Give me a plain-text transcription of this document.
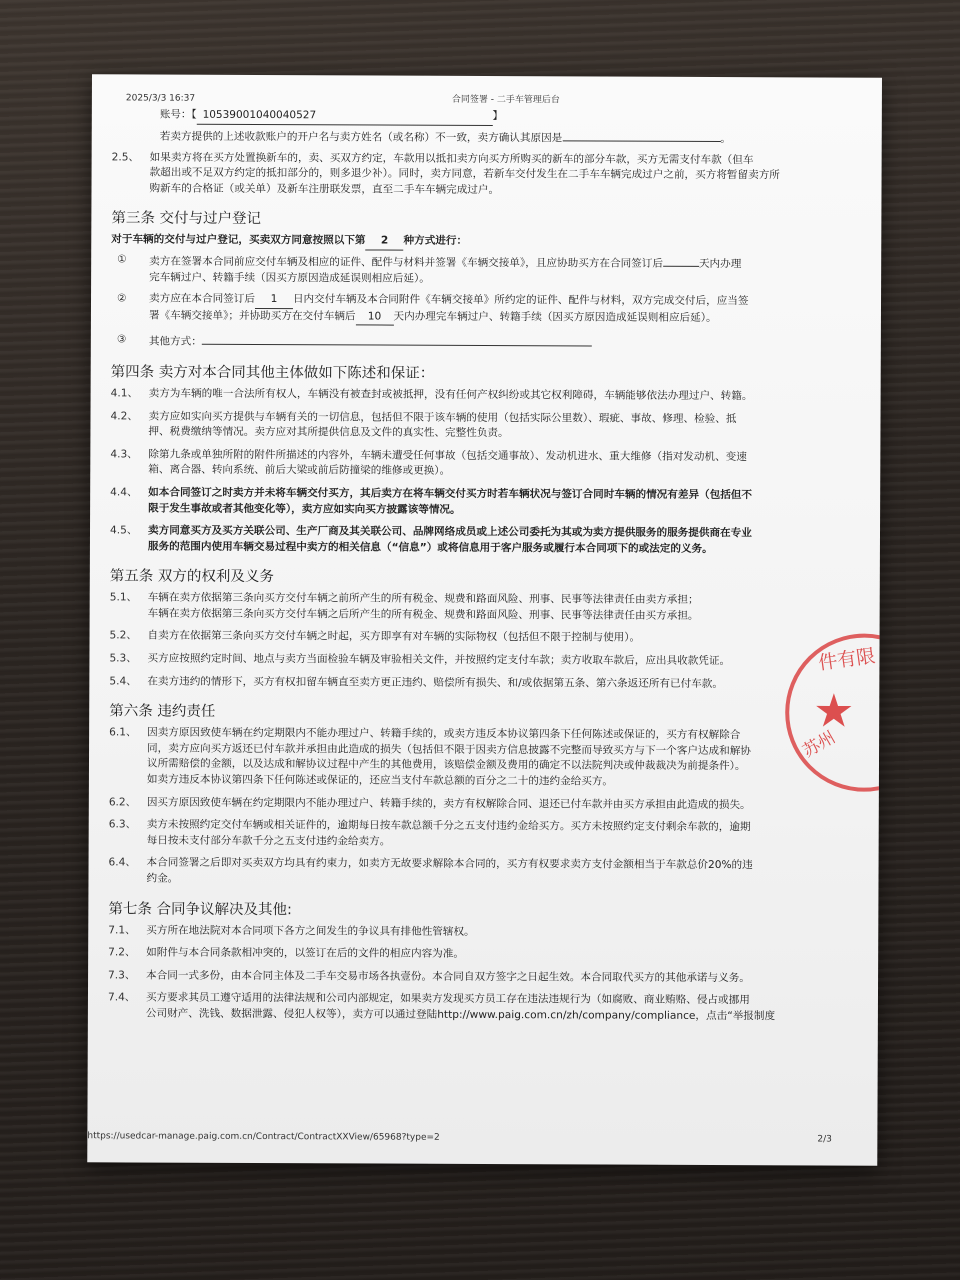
2025/3/3 16:37	合同签署 - 二手车管理后台
账号：【 10539001040040527	】
若卖方提供的上述收款账户的开户名与卖方姓名（或名称）不一致，卖方确认其原因是	。
2.5、 如果卖方将在买方处置换新车的，卖、买双方约定，车款用以抵扣卖方向买方所购买的新车的部分车款，买方无需支付车款（但车
款超出或不足双方约定的抵扣部分的，则多退少补）。同时，卖方同意，若新车交付发生在二手车车辆完成过户之前，买方将暂留卖方所
购新车的合格证（或关单）及新车注册联发票，直至二手车车辆完成过户。
第三条 交付与过户登记
对于车辆的交付与过户登记，买卖双方同意按照以下第 2 种方式进行：
①	卖方在签署本合同前应交付车辆及相应的证件、配件与材料并签署《车辆交接单》，且应协助买方在合同签订后	天内办理
完车辆过户、转籍手续（因买方原因造成延误则相应后延）。
②	卖方应在本合同签订后 1 日内交付车辆及本合同附件《车辆交接单》所约定的证件、配件与材料，双方完成交付后，应当签
署《车辆交接单》；并协助买方在交付车辆后 10 天内办理完车辆过户、转籍手续（因买方原因造成延误则相应后延）。
③	其他方式：
第四条 卖方对本合同其他主体做如下陈述和保证：
4.1、 卖方为车辆的唯一合法所有权人，车辆没有被查封或被抵押，没有任何产权纠纷或其它权利障碍，车辆能够依法办理过户、转籍。
4.2、 卖方应如实向买方提供与车辆有关的一切信息，包括但不限于该车辆的使用（包括实际公里数）、瑕疵、事故、修理、检验、抵
押、税费缴纳等情况。卖方应对其所提供信息及文件的真实性、完整性负责。
4.3、 除第九条或单独所附的附件所描述的内容外，车辆未遭受任何事故（包括交通事故）、发动机进水、重大维修（指对发动机、变速
箱、离合器、转向系统、前后大梁或前后防撞梁的维修或更换）。
4.4、 如本合同签订之时卖方并未将车辆交付买方，其后卖方在将车辆交付买方时若车辆状况与签订合同时车辆的情况有差异（包括但不
限于发生事故或者其他变化等），卖方应如实向买方披露该等情况。
4.5、 卖方同意买方及买方关联公司、生产厂商及其关联公司、品牌网络成员或上述公司委托为其或为卖方提供服务的服务提供商在专业
服务的范围内使用车辆交易过程中卖方的相关信息（“信息”）或将信息用于客户服务或履行本合同项下的或法定的义务。
第五条 双方的权利及义务
5.1、 车辆在卖方依据第三条向买方交付车辆之前所产生的所有税金、规费和路面风险、刑事、民事等法律责任由卖方承担；
车辆在卖方依据第三条向买方交付车辆之后所产生的所有税金、规费和路面风险、刑事、民事等法律责任由买方承担。
5.2、 自卖方在依据第三条向买方交付车辆之时起，买方即享有对车辆的实际物权（包括但不限于控制与使用）。
5.3、 买方应按照约定时间、地点与卖方当面检验车辆及审验相关文件，并按照约定支付车款；卖方收取车款后，应出具收款凭证。
5.4、 在卖方违约的情形下，买方有权扣留车辆直至卖方更正违约、赔偿所有损失、和/或依据第五条、第六条返还所有已付车款。
第六条 违约责任
6.1、 因卖方原因致使车辆在约定期限内不能办理过户、转籍手续的，或卖方违反本协议第四条下任何陈述或保证的，买方有权解除合
同，卖方应向买方返还已付车款并承担由此造成的损失（包括但不限于因卖方信息披露不完整而导致买方与下一个客户达成和解协
议所需赔偿的金额，以及达成和解协议过程中产生的其他费用，该赔偿金额及费用的确定不以法院判决或仲裁裁决为前提条件）。
如卖方违反本协议第四条下任何陈述或保证的，还应当支付车款总额的百分之二十的违约金给买方。
6.2、 因买方原因致使车辆在约定期限内不能办理过户、转籍手续的，卖方有权解除合同、退还已付车款并由买方承担由此造成的损失。
6.3、 卖方未按照约定交付车辆或相关证件的，逾期每日按车款总额千分之五支付违约金给买方。买方未按照约定支付剩余车款的，逾期
每日按未支付部分车款千分之五支付违约金给卖方。
6.4、 本合同签署之后即对买卖双方均具有约束力，如卖方无故要求解除本合同的，买方有权要求卖方支付金额相当于车款总价20%的违
约金。
第七条 合同争议解决及其他:
7.1、 买方所在地法院对本合同项下各方之间发生的争议具有排他性管辖权。
7.2、 如附件与本合同条款相冲突的，以签订在后的文件的相应内容为准。
7.3、 本合同一式多份，由本合同主体及二手车交易市场各执壹份。本合同自双方签字之日起生效。本合同取代买方的其他承诺与义务。
7.4、 买方要求其员工遵守适用的法律法规和公司内部规定，如果卖方发现买方员工存在违法违规行为（如腐败、商业贿赂、侵占或挪用
公司财产、洗钱、数据泄露、侵犯人权等），卖方可以通过登陆http://www.paig.com.cn/zh/company/compliance，点击“举报制度
件有限
苏州
★
https://usedcar-manage.paig.com.cn/Contract/ContractXXView/65968?type=2	2/3
